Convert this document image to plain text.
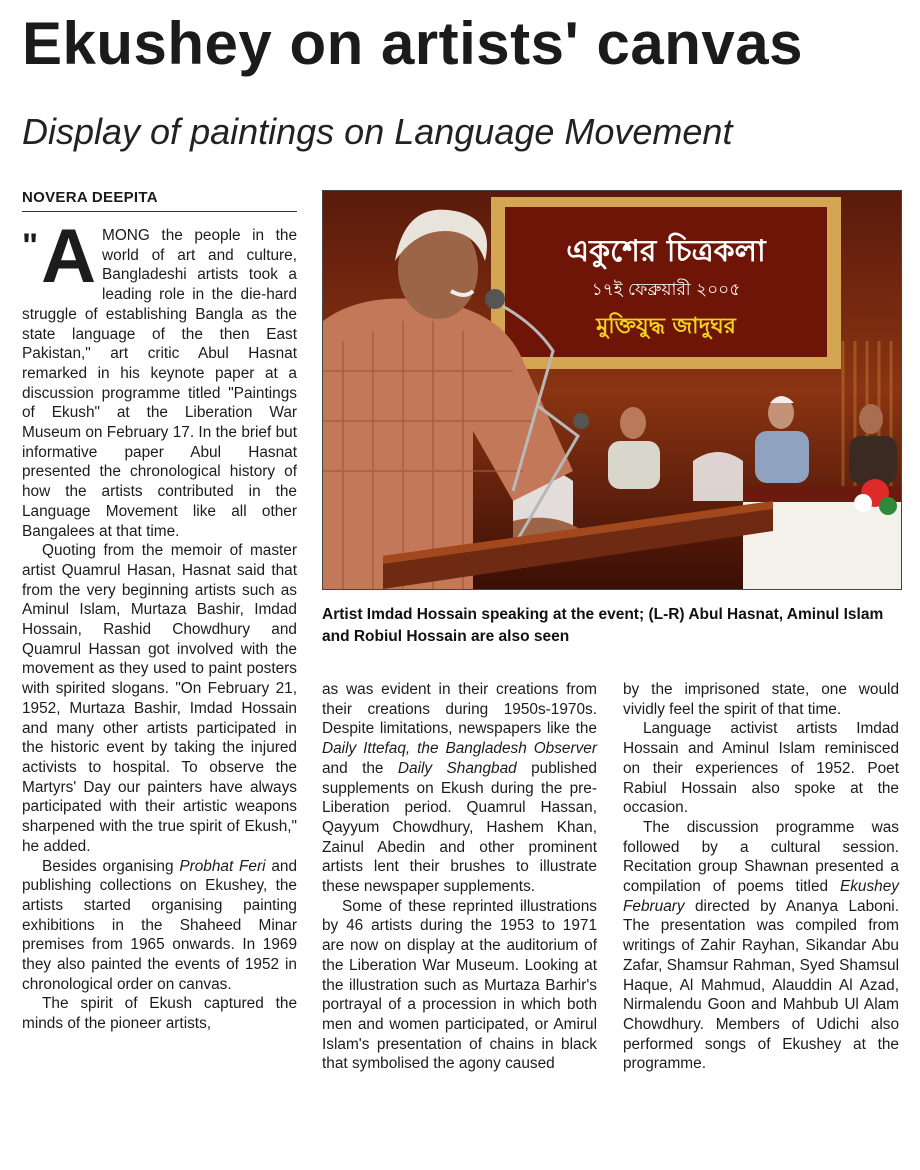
Ekushey on artists' canvas
Display of paintings on Language Movement
NOVERA DEEPITA
" A MONG the people in the world of art and culture, Bangladeshi artists took a leading role in the die-hard struggle of establishing Bangla as the state language of the then East Pakistan," art critic Abul Hasnat remarked in his keynote paper at a discussion programme titled "Paintings of Ekush" at the Liberation War Museum on February 17. In the brief but informative paper Abul Hasnat presented the chronological history of how the artists contributed in the Language Movement like all other Bangalees at that time.

Quoting from the memoir of master artist Quamrul Hasan, Hasnat said that from the very beginning artists such as Aminul Islam, Murtaza Bashir, Imdad Hossain, Rashid Chowdhury and Quamrul Hassan got involved with the movement as they used to paint posters with spirited slogans. "On February 21, 1952, Murtaza Bashir, Imdad Hossain and many other artists participated in the historic event by taking the injured activists to hospital. To observe the Martyrs' Day our painters have always participated with their artistic weapons sharpened with the true spirit of Ekush," he added.

Besides organising Probhat Feri and publishing collections on Ekushey, the artists started organising painting exhibitions in the Shaheed Minar premises from 1965 onwards. In 1969 they also painted the events of 1952 in chronological order on canvas.

The spirit of Ekush captured the minds of the pioneer artists,

একুশের চিত্রকলা
১৭ই ফেব্রুয়ারী ২০০৫
মুক্তিযুদ্ধ জাদুঘর
Artist Imdad Hossain speaking at the event; (L-R) Abul Hasnat, Aminul Islam and Robiul Hossain are also seen

as was evident in their creations from their creations during 1950s-1970s. Despite limitations, newspapers like the Daily Ittefaq, the Bangladesh Observer and the Daily Shangbad published supplements on Ekush during the pre-Liberation period. Quamrul Hassan, Qayyum Chowdhury, Hashem Khan, Zainul Abedin and other prominent artists lent their brushes to illustrate these newspaper supplements.

Some of these reprinted illustrations by 46 artists during the 1953 to 1971 are now on display at the auditorium of the Liberation War Museum. Looking at the illustration such as Murtaza Barhir's portrayal of a procession in which both men and women participated, or Amirul Islam's presentation of chains in black that symbolised the agony caused

by the imprisoned state, one would vividly feel the spirit of that time.

Language activist artists Imdad Hossain and Aminul Islam reminisced on their experiences of 1952. Poet Rabiul Hossain also spoke at the occasion.

The discussion programme was followed by a cultural session. Recitation group Shawnan presented a compilation of poems titled Ekushey February directed by Ananya Laboni. The presentation was compiled from writings of Zahir Rayhan, Sikandar Abu Zafar, Shamsur Rahman, Syed Shamsul Haque, Al Mahmud, Alauddin Al Azad, Nirmalendu Goon and Mahbub Ul Alam Chowdhury. Members of Udichi also performed songs of Ekushey at the programme.
